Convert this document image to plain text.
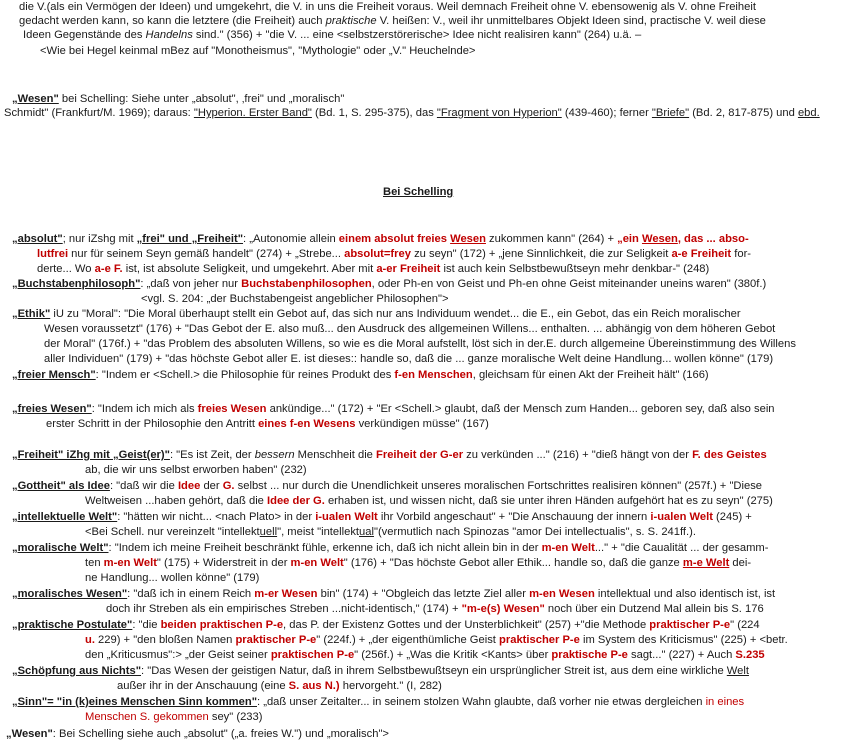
die V.(als ein Vermögen der Ideen) und umgekehrt, die V. in uns die Freiheit voraus. Weil demnach Freiheit ohne V. ebensowenig als V. ohne Freiheit
gedacht werden kann, so kann die letztere (die Freiheit) auch praktische V. heißen: V., weil ihr unmittelbares Objekt Ideen sind, practische V. weil diese
Ideen Gegenstände des Handelns sind." (356) + "die V. ... eine <selbstzerstörerische> Idee nicht realisiren kann" (264) u.ä. –
<Wie bei Hegel keinmal mBez auf "Monotheismus", "Mythologie" oder „V." Heuchelnde>
„Wesen" bei Schelling: Siehe unter „absolut", ‚frei" und „moralisch"
Schmidt" (Frankfurt/M. 1969); daraus: "Hyperion. Erster Band" (Bd. 1, S. 295-375), das "Fragment von Hyperion" (439-460); ferner "Briefe" (Bd. 2, 817-875) und ebd.
Bei Schelling
„absolut"; nur iZshg mit „frei" und „Freiheit": „Autonomie allein einem absolut freies Wesen zukommen kann" (264) + „ein Wesen, das ... abso-
lutfrei nur für seinem Seyn gemäß handelt" (274) + „Strebe... absolut=frey zu seyn" (172) + „jene Sinnlichkeit, die zur Seligkeit a-e Freiheit for-
derte... Wo a-e F. ist, ist absolute Seligkeit, und umgekehrt. Aber mit a-er Freiheit ist auch kein Selbstbewußtseyn mehr denkbar-" (248)
„Buchstabenphilosoph": „daß von jeher nur Buchstabenphilosophen, oder Ph-en von Geist und Ph-en ohne Geist miteinander uneins waren" (380f.)
<vgl. S. 204: „der Buchstabengeist angeblicher Philosophen">
„Ethik" iU zu "Moral": "Die Moral überhaupt stellt ein Gebot auf, das sich nur ans Individuum wendet... die E., ein Gebot, das ein Reich moralischer
Wesen voraussetzt" (176) + "Das Gebot der E. also muß... den Ausdruck des allgemeinen Willens... enthalten. ... abhängig von dem höheren Gebot
der Moral" (176f.) + "das Problem des absoluten Willens, so wie es die Moral aufstellt, löst sich in der.E. durch allgemeine Übereinstimmung des Willens
aller Individuen" (179) + "das höchste Gebot aller E. ist dieses:: handle so, daß die ... ganze moralische Welt deine Handlung... wollen könne" (179)
„freier Mensch": "Indem er <Schell.> die Philosophie für reines Produkt des f-en Menschen, gleichsam für einen Akt der Freiheit hält" (166)
„freies Wesen": "Indem ich mich als freies Wesen ankündige..." (172) + "Er <Schell.> glaubt, daß der Mensch zum Handen... geboren sey, daß also sein
erster Schritt in der Philosophie den Antritt eines f-en Wesens verkündigen müsse" (167)
„Freiheit" iZhg mit „Geist(er)": "Es ist Zeit, der bessern Menschheit die Freiheit der G-er zu verkünden ..." (216) + "dieß hängt von der F. des Geistes
ab, die wir uns selbst erworben haben" (232)
„Gottheit" als Idee: "daß wir die Idee der G. selbst ... nur durch die Unendlichkeit unseres moralischen Fortschrittes realisiren können" (257f.) + "Diese
Weltweisen ...haben gehört, daß die Idee der G. erhaben ist, und wissen nicht, daß sie unter ihren Händen aufgehört hat es zu seyn" (275)
„intellektuelle Welt": "hätten wir nicht... <nach Plato> in der i-ualen Welt ihr Vorbild angeschaut" + "Die Anschauung der innern i-ualen Welt (245) +
<Bei Schell. nur vereinzelt "intellektuell", meist "intellektual"(vermutlich nach Spinozas "amor Dei intellectualis", s. S. 241ff.).
„moralische Welt": "Indem ich meine Freiheit beschränkt fühle, erkenne ich, daß ich nicht allein bin in der m-en Welt..." + "die Caualität ... der gesamm-
ten m-en Welt" (175) + Widerstreit in der m-en Welt" (176) + "Das höchste Gebot aller Ethik... handle so, daß die ganze m-e Welt dei-
ne Handlung... wollen könne" (179)
„moralisches Wesen": "daß ich in einem Reich m-er Wesen bin" (174) + "Obgleich das letzte Ziel aller m-en Wesen intellektual und also identisch ist, ist
doch ihr Streben als ein empirisches Streben ...nicht-identisch," (174) + "m-e(s) Wesen" noch über ein Dutzend Mal allein bis S. 176
„praktische Postulate": "die beiden praktischen P-e, das P. der Existenz Gottes und der Unsterblichkeit" (257) +"die Methode praktischer P-e" (224
u. 229) + "den bloßen Namen praktischer P-e" (224f.) + „der eigenthümliche Geist praktischer P-e im System des Kriticismus" (225) + <betr.
den „Kriticusmus":> „der Geist seiner praktischen P-e" (256f.) + „Was die Kritik <Kants> über praktische P-e sagt..." (227) + Auch S.235
„Schöpfung aus Nichts": "Das Wesen der geistigen Natur, daß in ihrem Selbstbewußtseyn ein ursprünglicher Streit ist, aus dem eine wirkliche Welt
außer ihr in der Anschauung (eine S. aus N.) hervorgeht." (I, 282)
„Sinn"= "in (k)eines Menschen Sinn kommen": „daß unser Zeitalter... in seinem stolzen Wahn glaubte, daß vorher nie etwas dergleichen in eines
Menschen S. gekommen sey" (233)
„Wesen": Bei Schelling siehe auch „absolut" („a. freies W.") und „moralisch">
